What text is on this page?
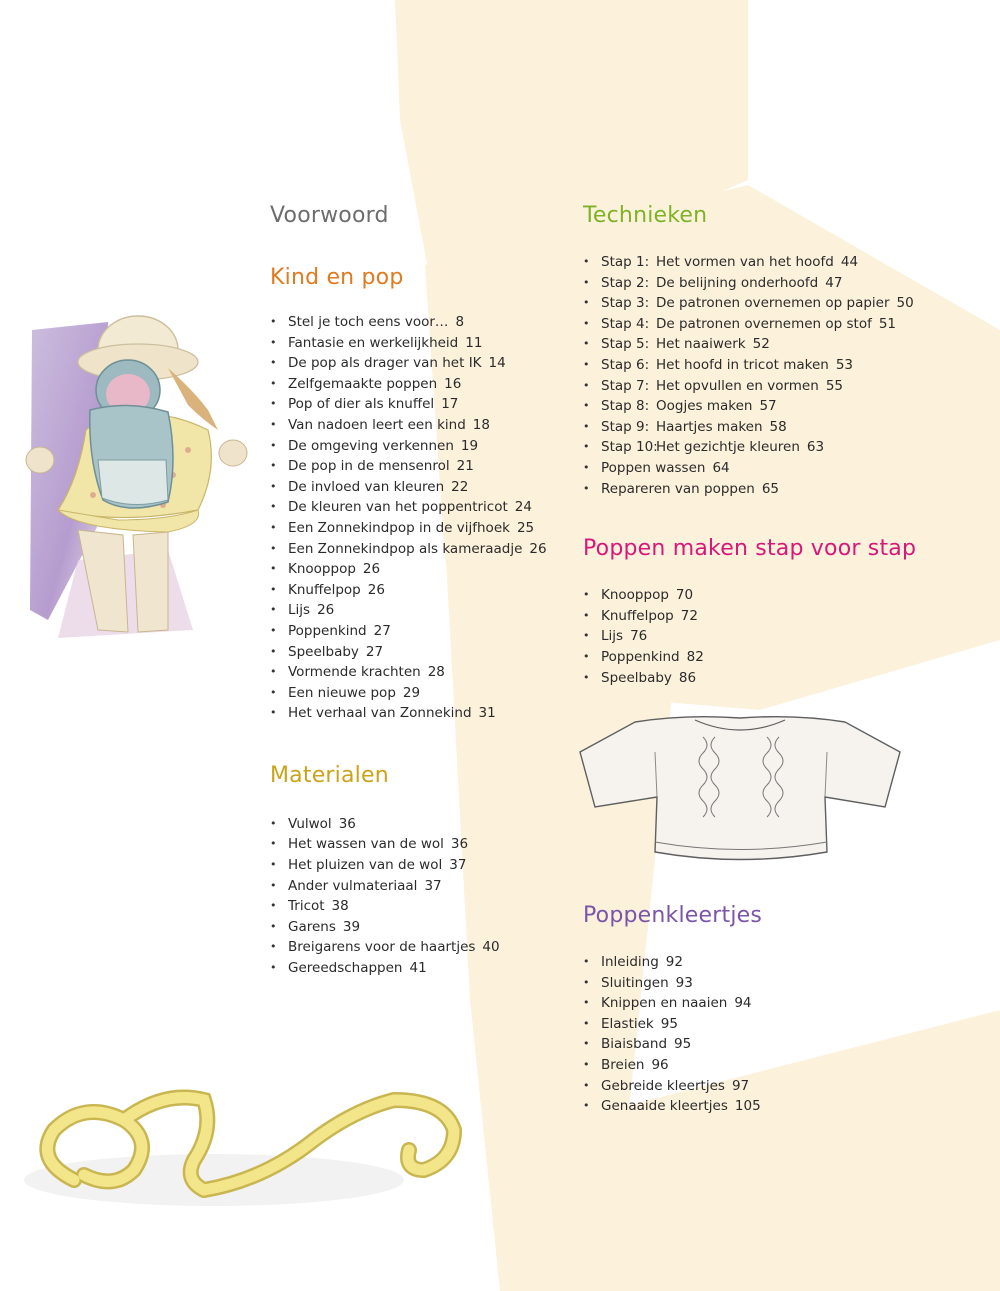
Voorwoord
Kind en pop
• Stel je toch eens voor… 8
• Fantasie en werkelijkheid 11
• De pop als drager van het IK 14
• Zelfgemaakte poppen 16
• Pop of dier als knuffel 17
• Van nadoen leert een kind 18
• De omgeving verkennen 19
• De pop in de mensenrol 21
• De invloed van kleuren 22
• De kleuren van het poppentricot 24
• Een Zonnekindpop in de vijfhoek 25
• Een Zonnekindpop als kameraadje 26
• Knooppop 26
• Knuffelpop 26
• Lijs 26
• Poppenkind 27
• Speelbaby 27
• Vormende krachten 28
• Een nieuwe pop 29
• Het verhaal van Zonnekind 31
Materialen
• Vulwol 36
• Het wassen van de wol 36
• Het pluizen van de wol 37
• Ander vulmateriaal 37
• Tricot 38
• Garens 39
• Breigarens voor de haartjes 40
• Gereedschappen 41
Technieken
• Stap 1: Het vormen van het hoofd 44
• Stap 2: De belijning onderhoofd 47
• Stap 3: De patronen overnemen op papier 50
• Stap 4: De patronen overnemen op stof 51
• Stap 5: Het naaiwerk 52
• Stap 6: Het hoofd in tricot maken 53
• Stap 7: Het opvullen en vormen 55
• Stap 8: Oogjes maken 57
• Stap 9: Haartjes maken 58
• Stap 10:Het gezichtje kleuren 63
• Poppen wassen 64
• Repareren van poppen 65
Poppen maken stap voor stap
• Knooppop 70
• Knuffelpop 72
• Lijs 76
• Poppenkind 82
• Speelbaby 86
Poppenkleertjes
• Inleiding 92
• Sluitingen 93
• Knippen en naaien 94
• Elastiek 95
• Biaisband 95
• Breien 96
• Gebreide kleertjes 97
• Genaaide kleertjes 105
